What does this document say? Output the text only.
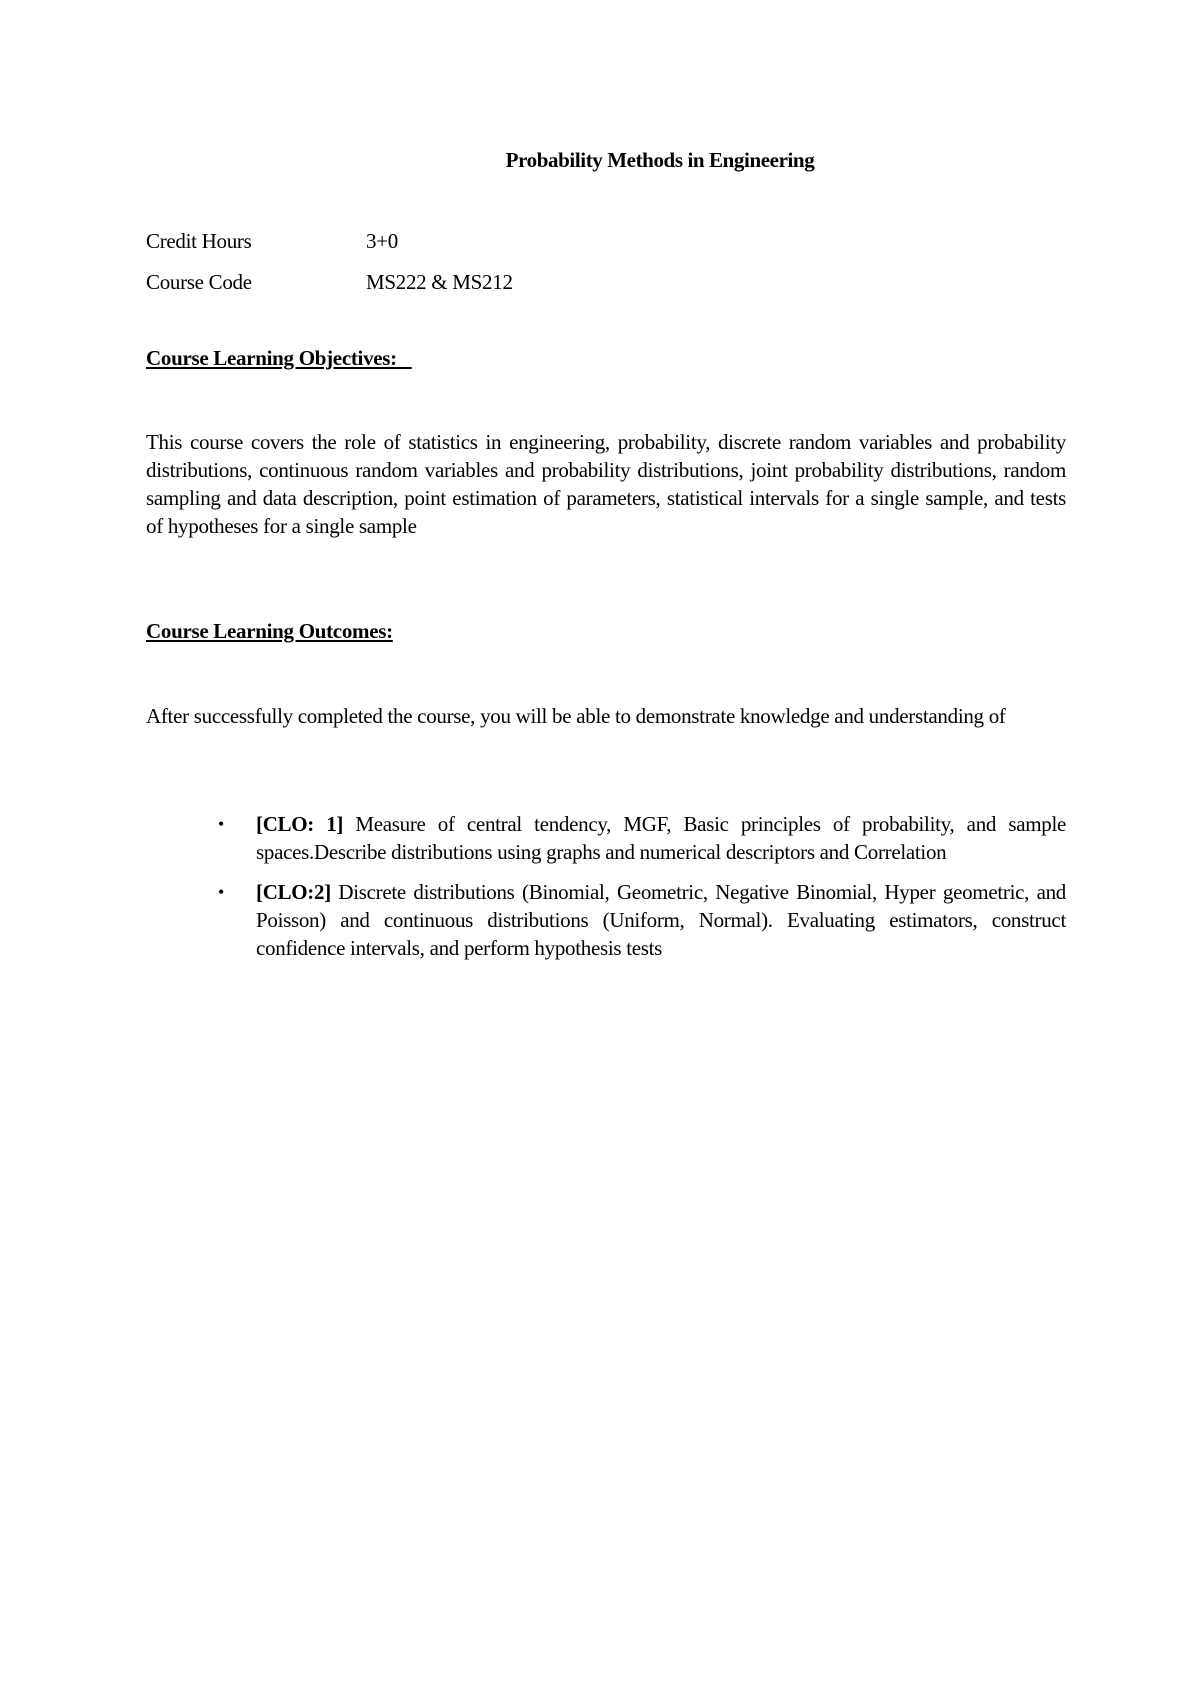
Probability Methods in Engineering
Credit Hours	3+0
Course Code	MS222 & MS212
Course Learning Objectives:

This course covers the role of statistics in engineering, probability, discrete random variables and probability distributions, continuous random variables and probability distributions, joint probability distributions, random sampling and data description, point estimation of parameters, statistical intervals for a single sample, and tests of hypotheses for a single sample

Course Learning Outcomes:

After successfully completed the course, you will be able to demonstrate knowledge and understanding of

• [CLO: 1] Measure of central tendency, MGF, Basic principles of probability, and sample spaces.Describe distributions using graphs and numerical descriptors and Correlation
• [CLO:2] Discrete distributions (Binomial, Geometric, Negative Binomial, Hyper geometric, and Poisson) and continuous distributions (Uniform, Normal). Evaluating estimators, construct confidence intervals, and perform hypothesis tests
